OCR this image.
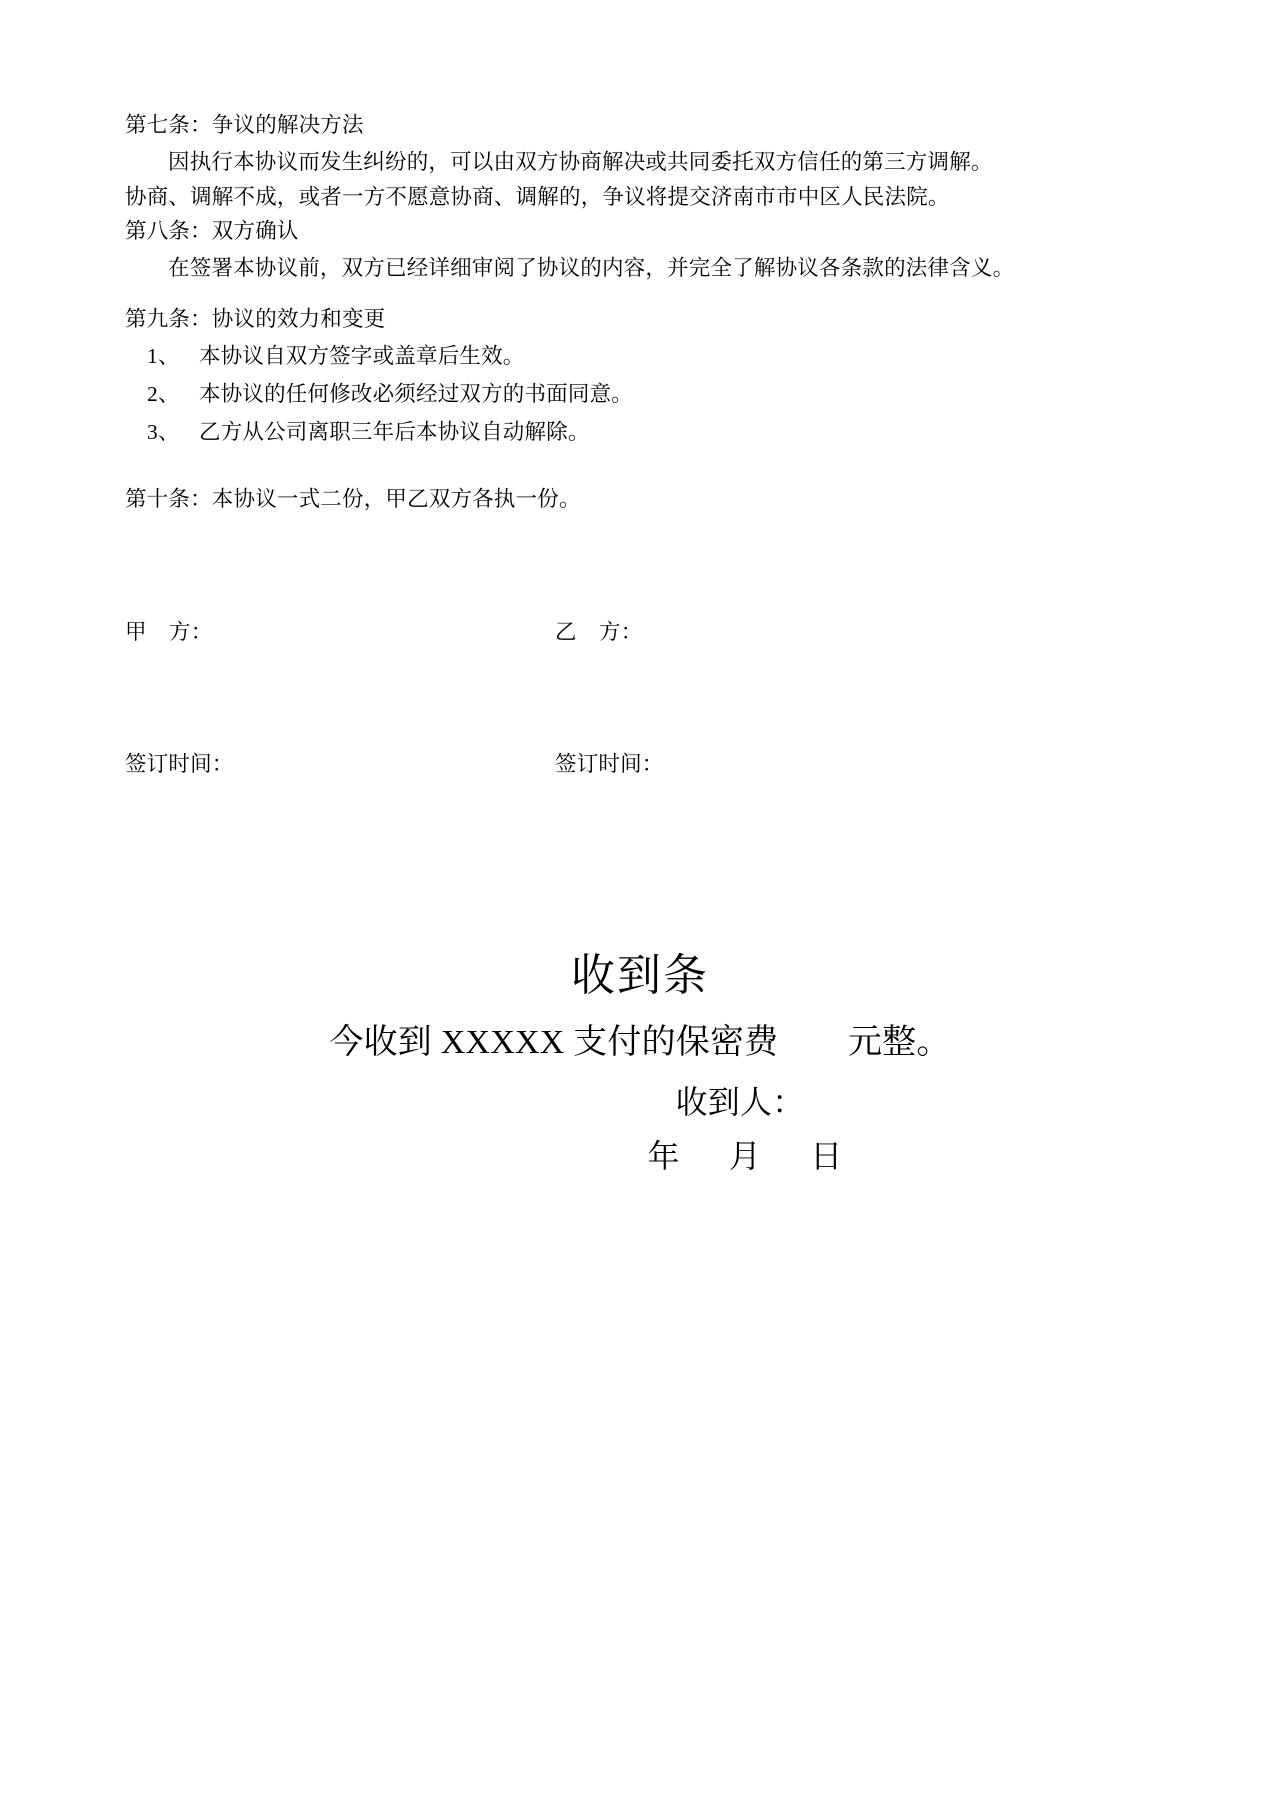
第七条：争议的解决方法

因执行本协议而发生纠纷的，可以由双方协商解决或共同委托双方信任的第三方调解。

协商、调解不成，或者一方不愿意协商、调解的，争议将提交济南市市中区人民法院。

第八条：双方确认

在签署本协议前，双方已经详细审阅了协议的内容，并完全了解协议各条款的法律含义。

第九条：协议的效力和变更

1、 本协议自双方签字或盖章后生效。
2、 本协议的任何修改必须经过双方的书面同意。
3、 乙方从公司离职三年后本协议自动解除。

第十条：本协议一式二份，甲乙双方各执一份。

甲    方：	乙    方：
签订时间：	签订时间：

收到条

今收到 XXXXX 支付的保密费        元整。

收到人：

年      月      日
